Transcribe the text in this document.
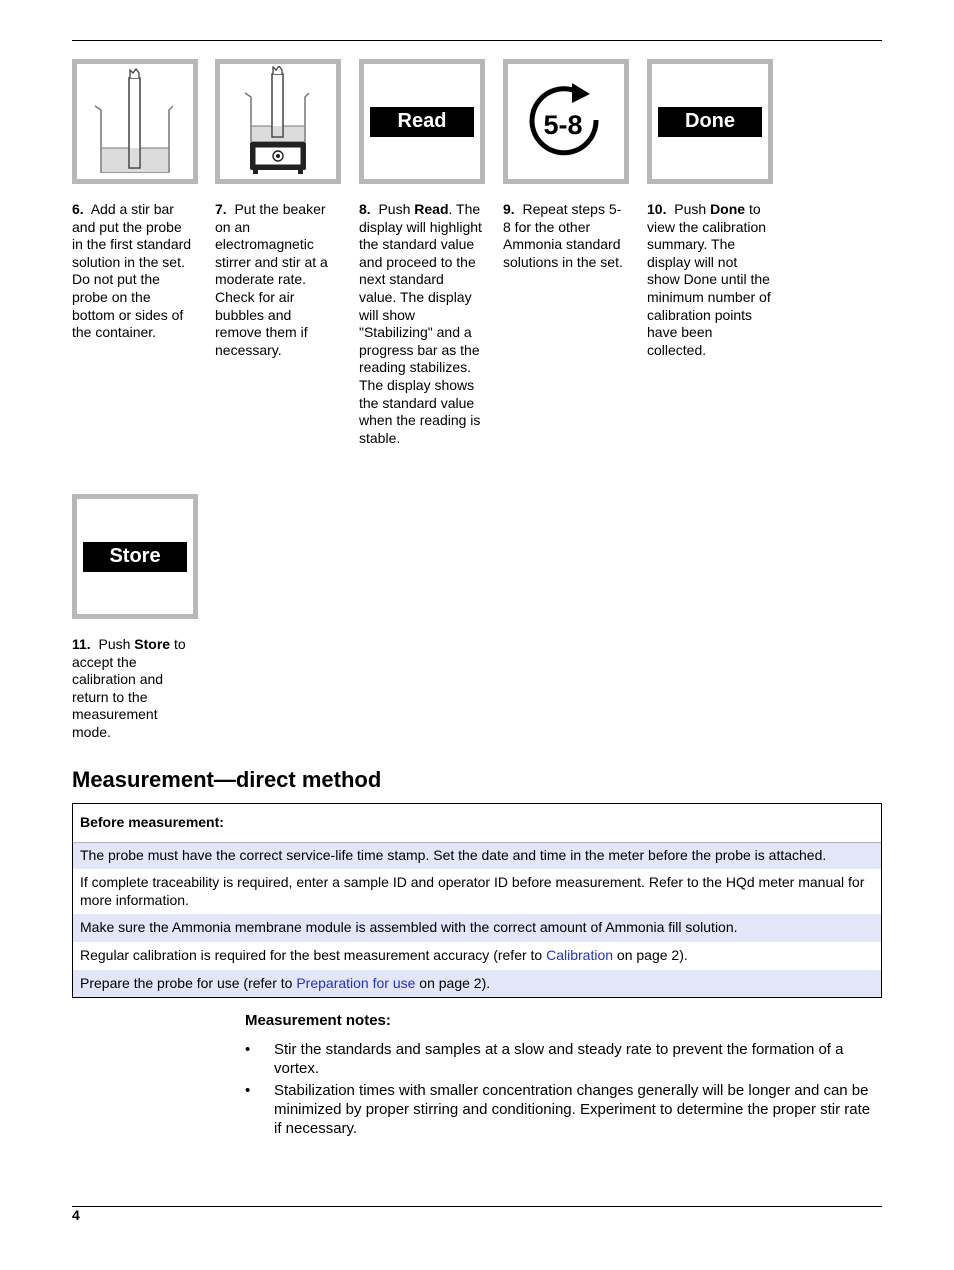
6. Add a stir bar and put the probe in the first standard solution in the set. Do not put the probe on the bottom or sides of the container.
7. Put the beaker on an electromagnetic stirrer and stir at a moderate rate. Check for air bubbles and remove them if necessary.
Read
8. Push Read. The display will highlight the standard value and proceed to the next standard value. The display will show "Stabilizing" and a progress bar as the reading stabilizes. The display shows the standard value when the reading is stable.
5-8
9. Repeat steps 5-8 for the other Ammonia standard solutions in the set.
Done
10. Push Done to view the calibration summary. The display will not show Done until the minimum number of calibration points have been collected.
Store
11. Push Store to accept the calibration and return to the measurement mode.
Measurement—direct method
Before measurement:
The probe must have the correct service-life time stamp. Set the date and time in the meter before the probe is attached.
If complete traceability is required, enter a sample ID and operator ID before measurement. Refer to the HQd meter manual for more information.
Make sure the Ammonia membrane module is assembled with the correct amount of Ammonia fill solution.
Regular calibration is required for the best measurement accuracy (refer to Calibration on page 2).
Prepare the probe for use (refer to Preparation for use on page 2).
Measurement notes:
• Stir the standards and samples at a slow and steady rate to prevent the formation of a vortex.
• Stabilization times with smaller concentration changes generally will be longer and can be minimized by proper stirring and conditioning. Experiment to determine the proper stir rate if necessary.
4
